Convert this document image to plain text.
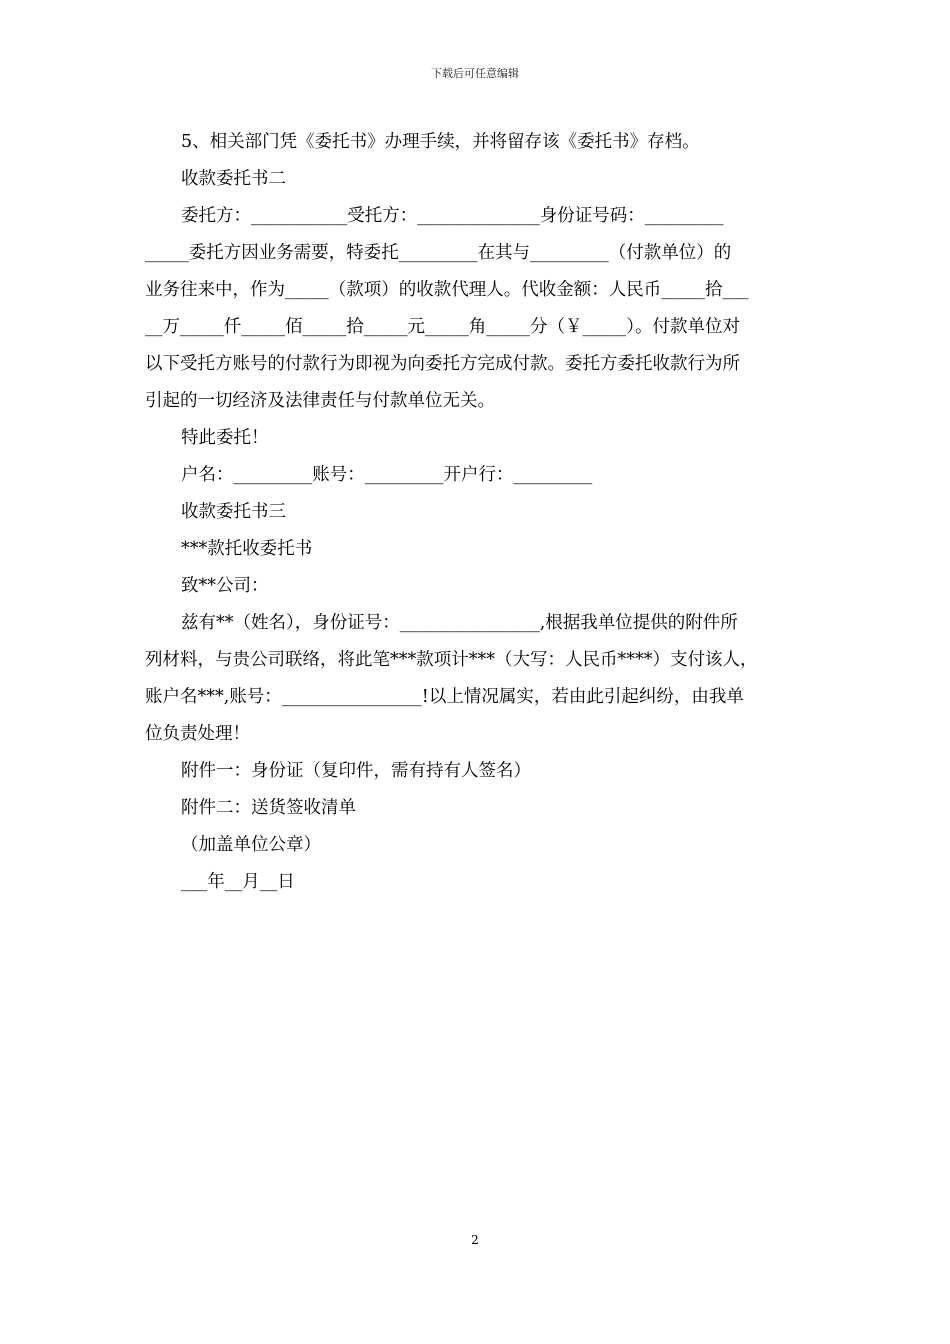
下载后可任意编辑
5、相关部门凭《委托书》办理手续，并将留存该《委托书》存档。
收款委托书二
委托方：___________受托方：______________身份证号码：_________
_____委托方因业务需要，特委托_________在其与_________（付款单位）的
业务往来中，作为_____（款项）的收款代理人。代收金额：人民币_____拾___
__万_____仟_____佰_____拾_____元_____角_____分（￥_____）。付款单位对
以下受托方账号的付款行为即视为向委托方完成付款。委托方委托收款行为所
引起的一切经济及法律责任与付款单位无关。
特此委托！
户名：_________账号：_________开户行：_________
收款委托书三
***款托收委托书
致**公司：
兹有**（姓名），身份证号：________________,根据我单位提供的附件所
列材料，与贵公司联络，将此笔***款项计***（大写：人民币****）支付该人，
账户名***,账号：________________!以上情况属实，若由此引起纠纷，由我单
位负责处理！
附件一：身份证（复印件，需有持有人签名）
附件二：送货签收清单
（加盖单位公章）
___年__月__日
2
